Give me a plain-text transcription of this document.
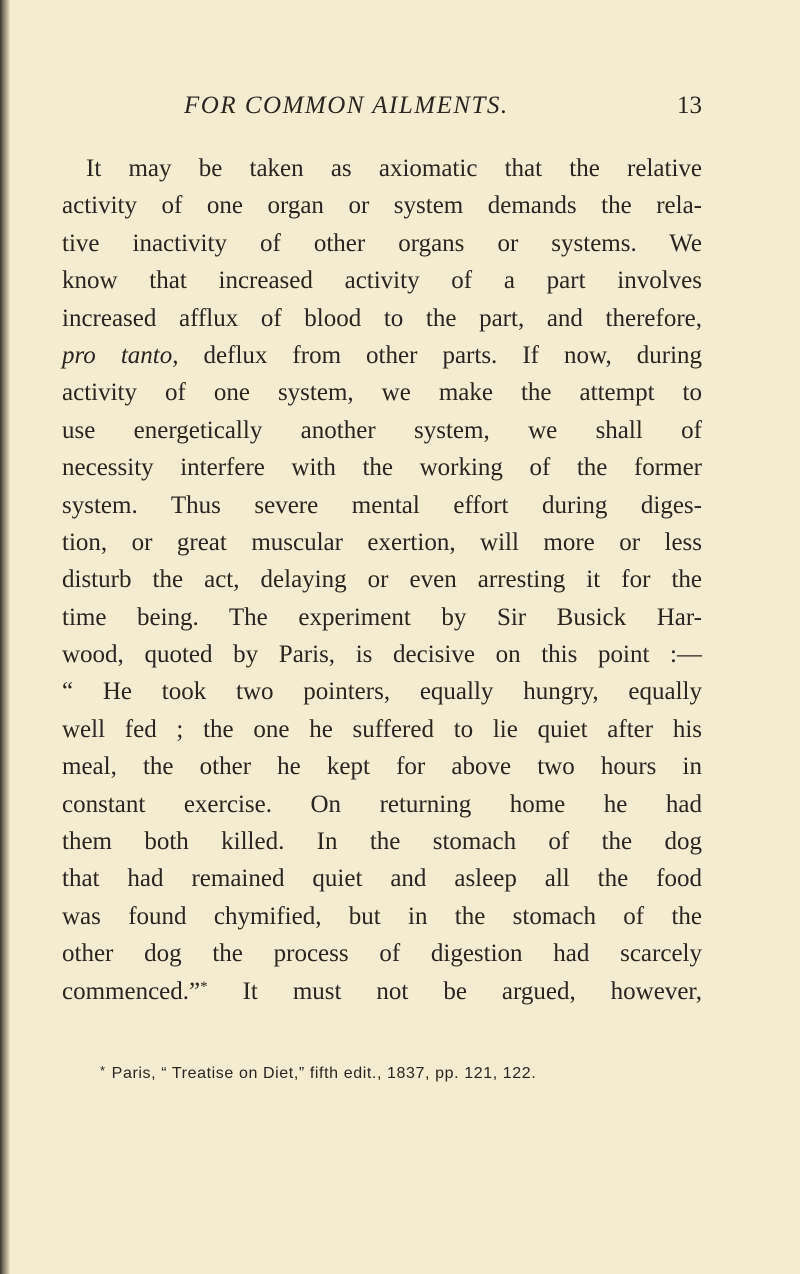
FOR COMMON AILMENTS.	13
It may be taken as axiomatic that the relative
activity of one organ or system demands the rela-
tive inactivity of other organs or systems. We
know that increased activity of a part involves
increased afflux of blood to the part, and therefore,
pro tanto, deflux from other parts. If now, during
activity of one system, we make the attempt to
use energetically another system, we shall of
necessity interfere with the working of the former
system. Thus severe mental effort during diges-
tion, or great muscular exertion, will more or less
disturb the act, delaying or even arresting it for the
time being. The experiment by Sir Busick Har-
wood, quoted by Paris, is decisive on this point :—
“ He took two pointers, equally hungry, equally
well fed ; the one he suffered to lie quiet after his
meal, the other he kept for above two hours in
constant exercise. On returning home he had
them both killed. In the stomach of the dog
that had remained quiet and asleep all the food
was found chymified, but in the stomach of the
other dog the process of digestion had scarcely
commenced.”* It must not be argued, however,
* Paris, “ Treatise on Diet,” fifth edit., 1837, pp. 121, 122.
